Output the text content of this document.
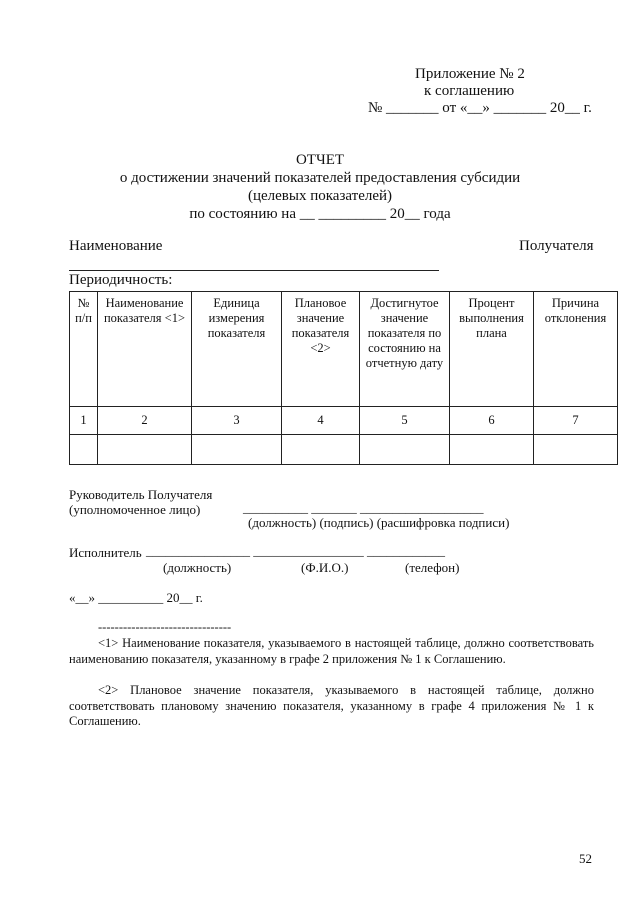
Приложение № 2
к соглашению
№ _______ от «__» _______ 20__ г.
ОТЧЕТ
о достижении значений показателей предоставления субсидии
(целевых показателей)
по состоянию на __ _________ 20__ года
Наименование	Получателя
Периодичность:
№ п/п	Наименование показателя <1>	Единица измерения показателя	Плановое значение показателя <2>	Достигнутое значение показателя по состоянию на отчетную дату	Процент выполнения плана	Причина отклонения
1	2	3	4	5	6	7

Руководитель Получателя
(уполномоченное лицо)	__________ _______ ___________________
(должность) (подпись) (расшифровка подписи)
Исполнитель ________________ _________________ ____________
(должность)	(Ф.И.О.)	(телефон)
«__» __________ 20__ г.
--------------------------------
<1> Наименование показателя, указываемого в настоящей таблице, должно соответствовать наименованию показателя, указанному в графе 2 приложения № 1 к Соглашению.
<2> Плановое значение показателя, указываемого в настоящей таблице, должно соответствовать плановому значению показателя, указанному в графе 4 приложения № 1 к Соглашению.
52
